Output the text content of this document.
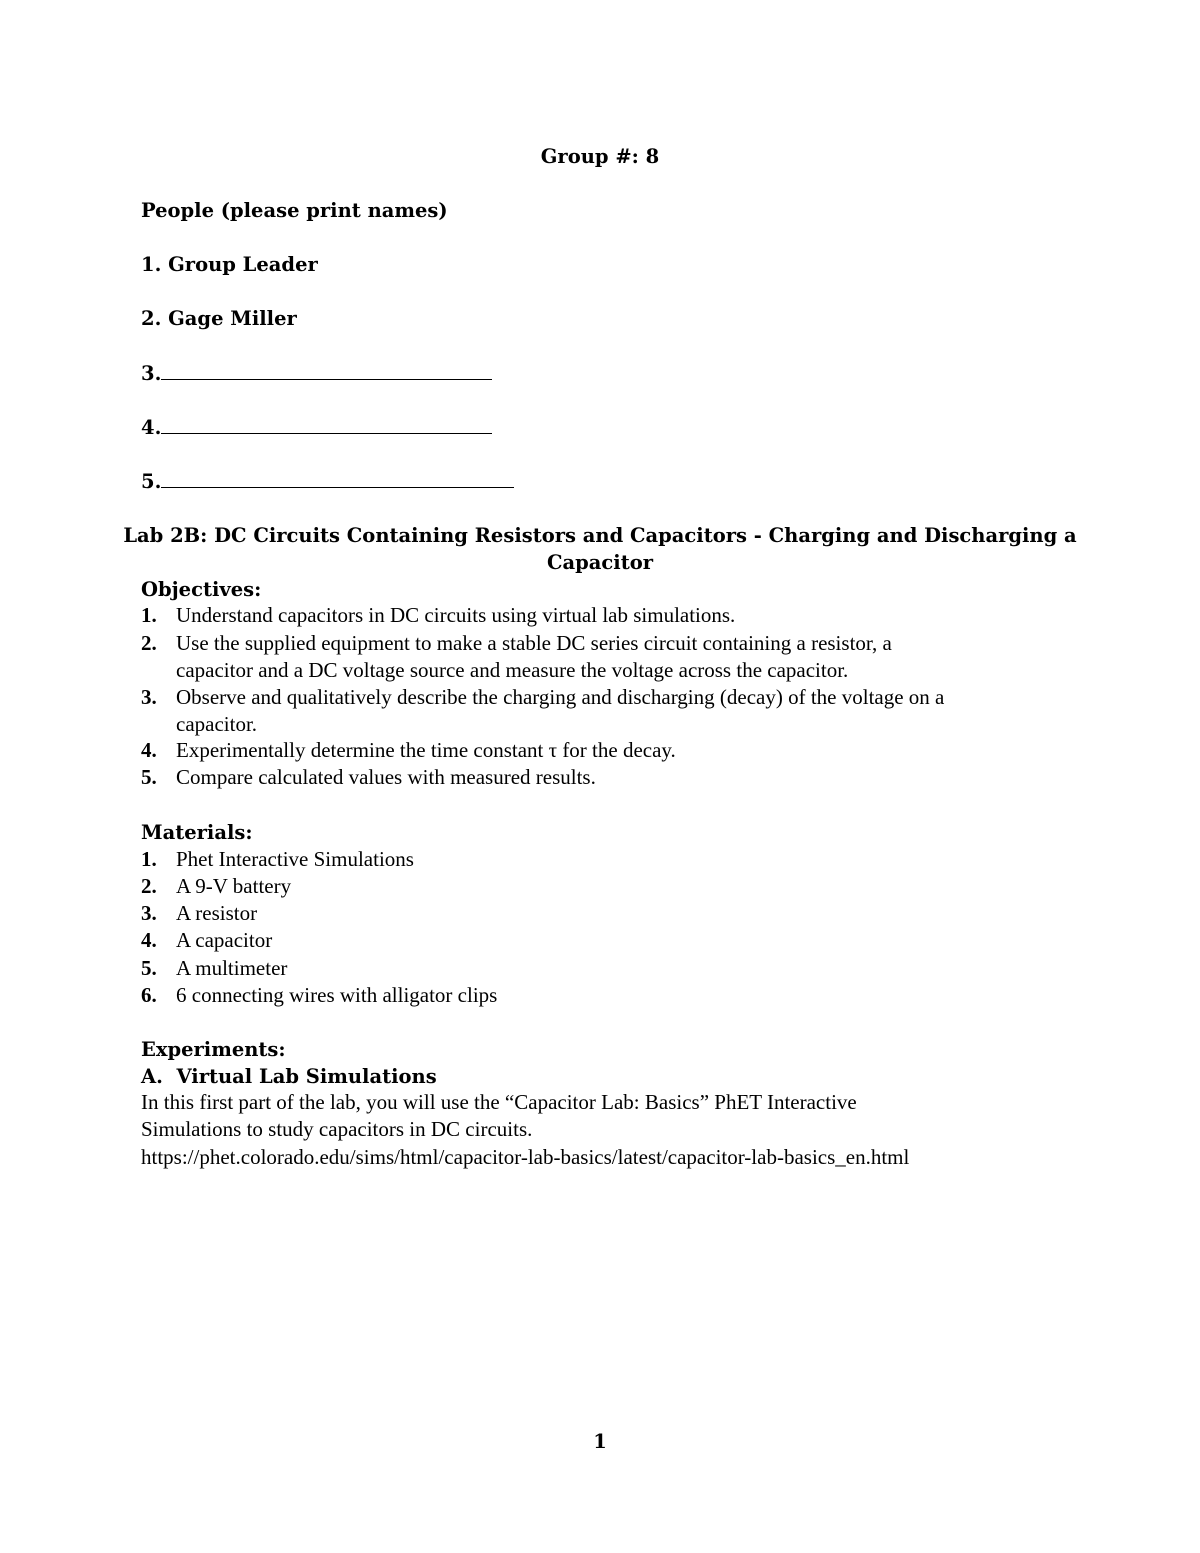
Group #: 8
People (please print names)
1. Group Leader
2. Gage Miller
3.
4.
5.
Lab 2B: DC Circuits Containing Resistors and Capacitors - Charging and Discharging a
Capacitor
Objectives:
1. Understand capacitors in DC circuits using virtual lab simulations.
2. Use the supplied equipment to make a stable DC series circuit containing a resistor, a
capacitor and a DC voltage source and measure the voltage across the capacitor.
3. Observe and qualitatively describe the charging and discharging (decay) of the voltage on a
capacitor.
4. Experimentally determine the time constant τ for the decay.
5. Compare calculated values with measured results.
Materials:
1. Phet Interactive Simulations
2. A 9-V battery
3. A resistor
4. A capacitor
5. A multimeter
6. 6 connecting wires with alligator clips
Experiments:
A.  Virtual Lab Simulations
In this first part of the lab, you will use the “Capacitor Lab: Basics” PhET Interactive
Simulations to study capacitors in DC circuits.
https://phet.colorado.edu/sims/html/capacitor-lab-basics/latest/capacitor-lab-basics_en.html
1
